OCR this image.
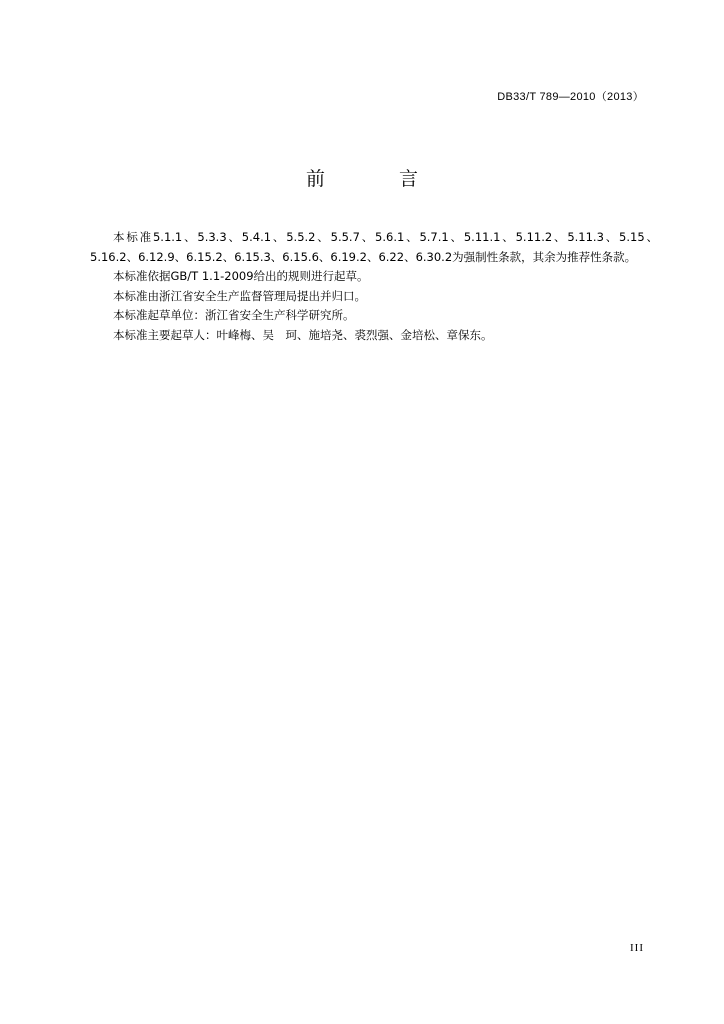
DB33/T 789—2010（2013）
前 言

本标准5.1.1、5.3.3、5.4.1、5.5.2、5.5.7、5.6.1、5.7.1、5.11.1、5.11.2、5.11.3、5.15、5.16.2、6.12.9、6.15.2、6.15.3、6.15.6、6.19.2、6.22、6.30.2为强制性条款，其余为推荐性条款。

本标准依据GB/T 1.1-2009给出的规则进行起草。

本标准由浙江省安全生产监督管理局提出并归口。

本标准起草单位：浙江省安全生产科学研究所。

本标准主要起草人：叶峰梅、吴　珂、施培尧、裘烈强、金培松、章保东。

III
